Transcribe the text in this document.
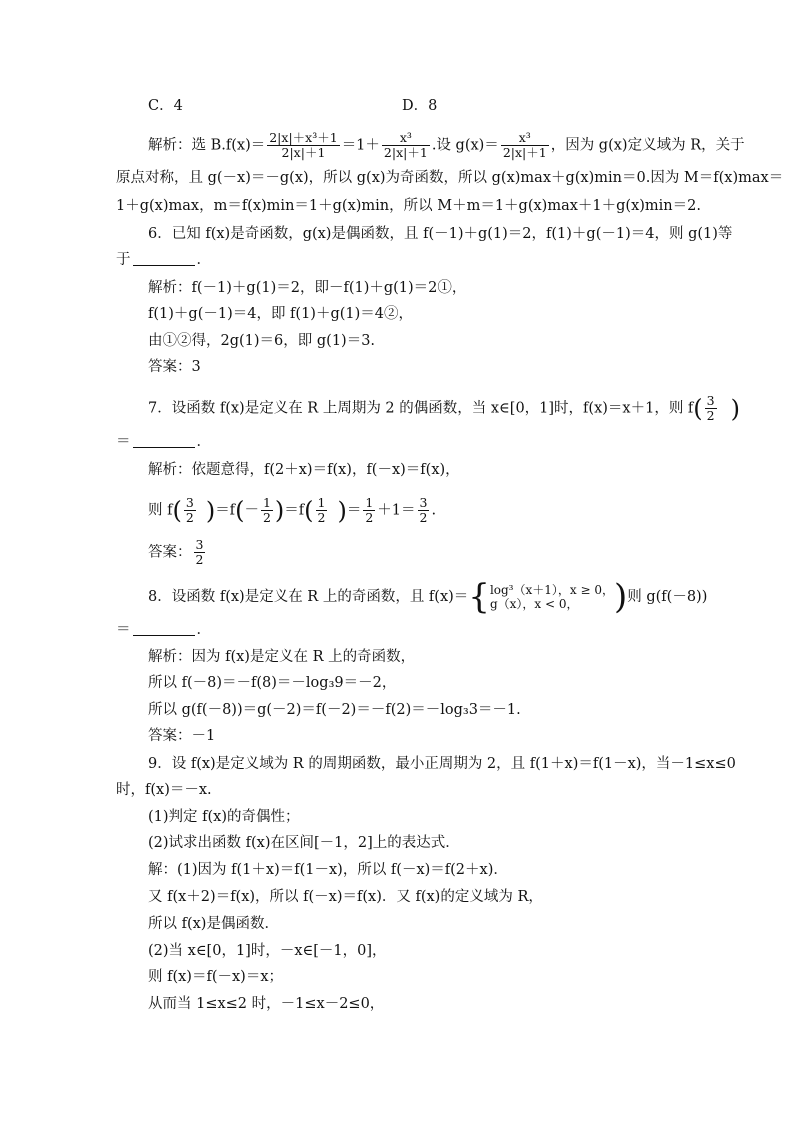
C．4	D．8
解析：选 $B.f(x)= \frac{\text{2|x|＋x³＋1}}{2|x|+1} =1+ \frac{\text{x³}}{2|x|+1}$ .设 $g(x)= \frac{\text{x³}}{2|x|+1}$ ，因为 g(x)定义域为 R，关于
原点对称，且 g(－x)＝－g(x)，所以 g(x)为奇函数，所以 g(x)max＋g(x)min＝0.因为 M＝f(x)max＝
1＋g(x)max，m＝f(x)min＝1＋g(x)min，所以 M＋m＝1＋g(x)max＋1＋g(x)min＝2.
6．已知 f(x)是奇函数，g(x)是偶函数，且 f(－1)＋g(1)＝2，f(1)＋g(－1)＝4，则 g(1)等
于	．
解析：f(－1)＋g(1)＝2，即－f(1)＋g(1)＝2①，
f(1)＋g(－1)＝4，即 f(1)＋g(1)＝4②，
由①②得，2g(1)＝6，即 g(1)＝3.
答案：3
7．设函数 f(x)是定义在 R 上周期为 2 的偶函数，当 x∈[0，1]时，f(x)＝x＋1，则 $f( \frac{3}{2}$ )
＝	．
解析：依题意得，f(2＋x)＝f(x)，f(－x)＝f(x)，
则 $f( \frac{3}{2} )=f(- \frac{1}{2} )=f( \frac{1}{2}$ )＝ $\frac{1}{2} +1= \frac{3}{2}$ .
答案： $\frac{3}{2}$
8．设函数 f(x)是定义在 R 上的奇函数，且 f(x)＝{ log³（x＋1），x ≥ 0，
g（x），x < 0，	)则 g(f(－8))
＝	．
解析：因为 f(x)是定义在 R 上的奇函数，
所以 f(－8)＝－f(8)＝－log₃9＝－2，
所以 g(f(－8))＝g(－2)＝f(－2)＝－f(2)＝－log₃3＝－1.
答案：－1
9．设 f(x)是定义域为 R 的周期函数，最小正周期为 2，且 f(1＋x)＝f(1－x)，当－1≤x≤0
时，f(x)＝－x.
(1)判定 f(x)的奇偶性；
(2)试求出函数 f(x)在区间[－1，2]上的表达式．
解：(1)因为 f(1＋x)＝f(1－x)，所以 f(－x)＝f(2＋x)．
又 f(x＋2)＝f(x)，所以 f(－x)＝f(x)．又 f(x)的定义域为 R，
所以 f(x)是偶函数．
(2)当 x∈[0，1]时，－x∈[－1，0]，
则 f(x)＝f(－x)＝x；
从而当 1≤x≤2 时，－1≤x－2≤0，
